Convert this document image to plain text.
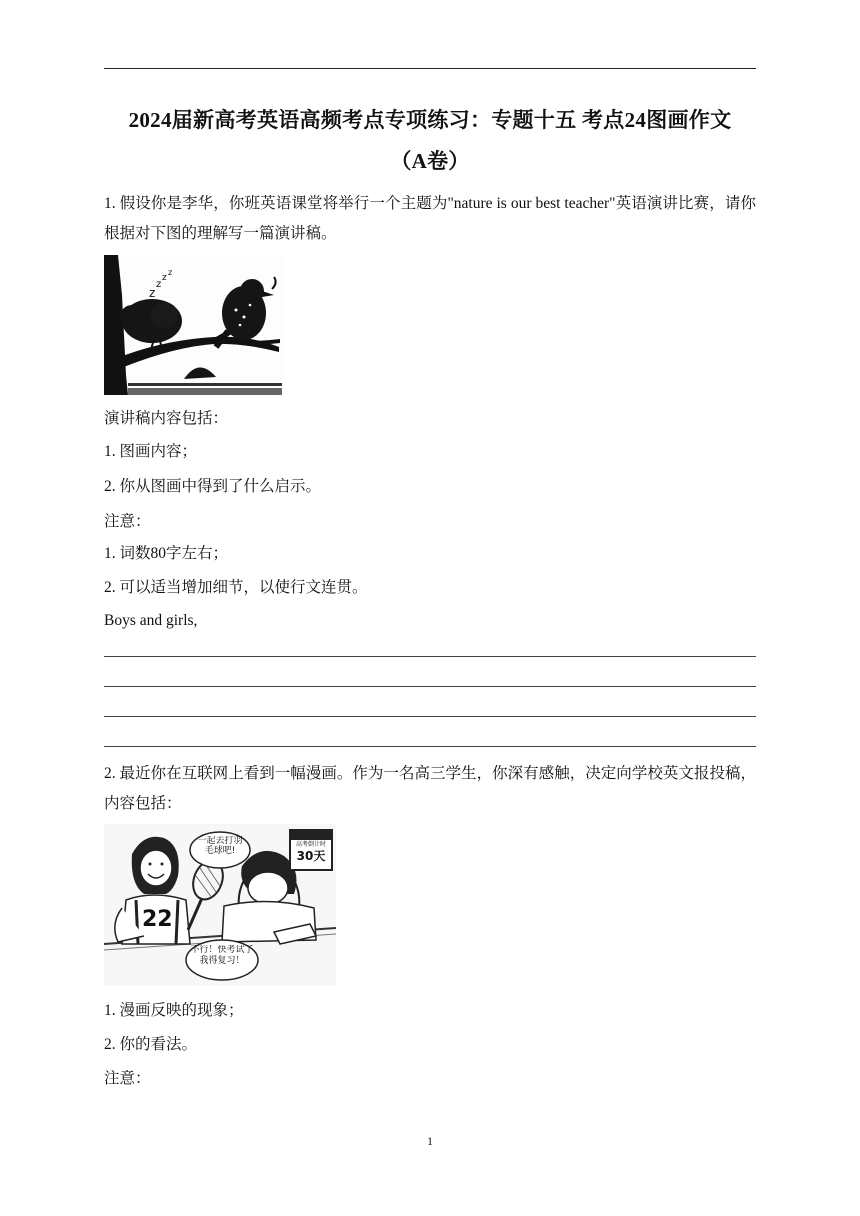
2024届新高考英语高频考点专项练习：专题十五 考点24图画作文
（A卷）
1. 假设你是李华，你班英语课堂将举行一个主题为"nature is our best teacher"英语演讲比赛，请你根据对下图的理解写一篇演讲稿。
z
z
z
z
演讲稿内容包括：
1. 图画内容；
2. 你从图画中得到了什么启示。
注意：
1. 词数80字左右；
2. 可以适当增加细节，以使行文连贯。
Boys and girls,
2. 最近你在互联网上看到一幅漫画。作为一名高三学生，你深有感触，决定向学校英文报投稿，内容包括：
22
一起去打羽毛球吧!
高考倒计时
30天
不行！快考试了我得复习！
1. 漫画反映的现象；
2. 你的看法。
注意：
1
